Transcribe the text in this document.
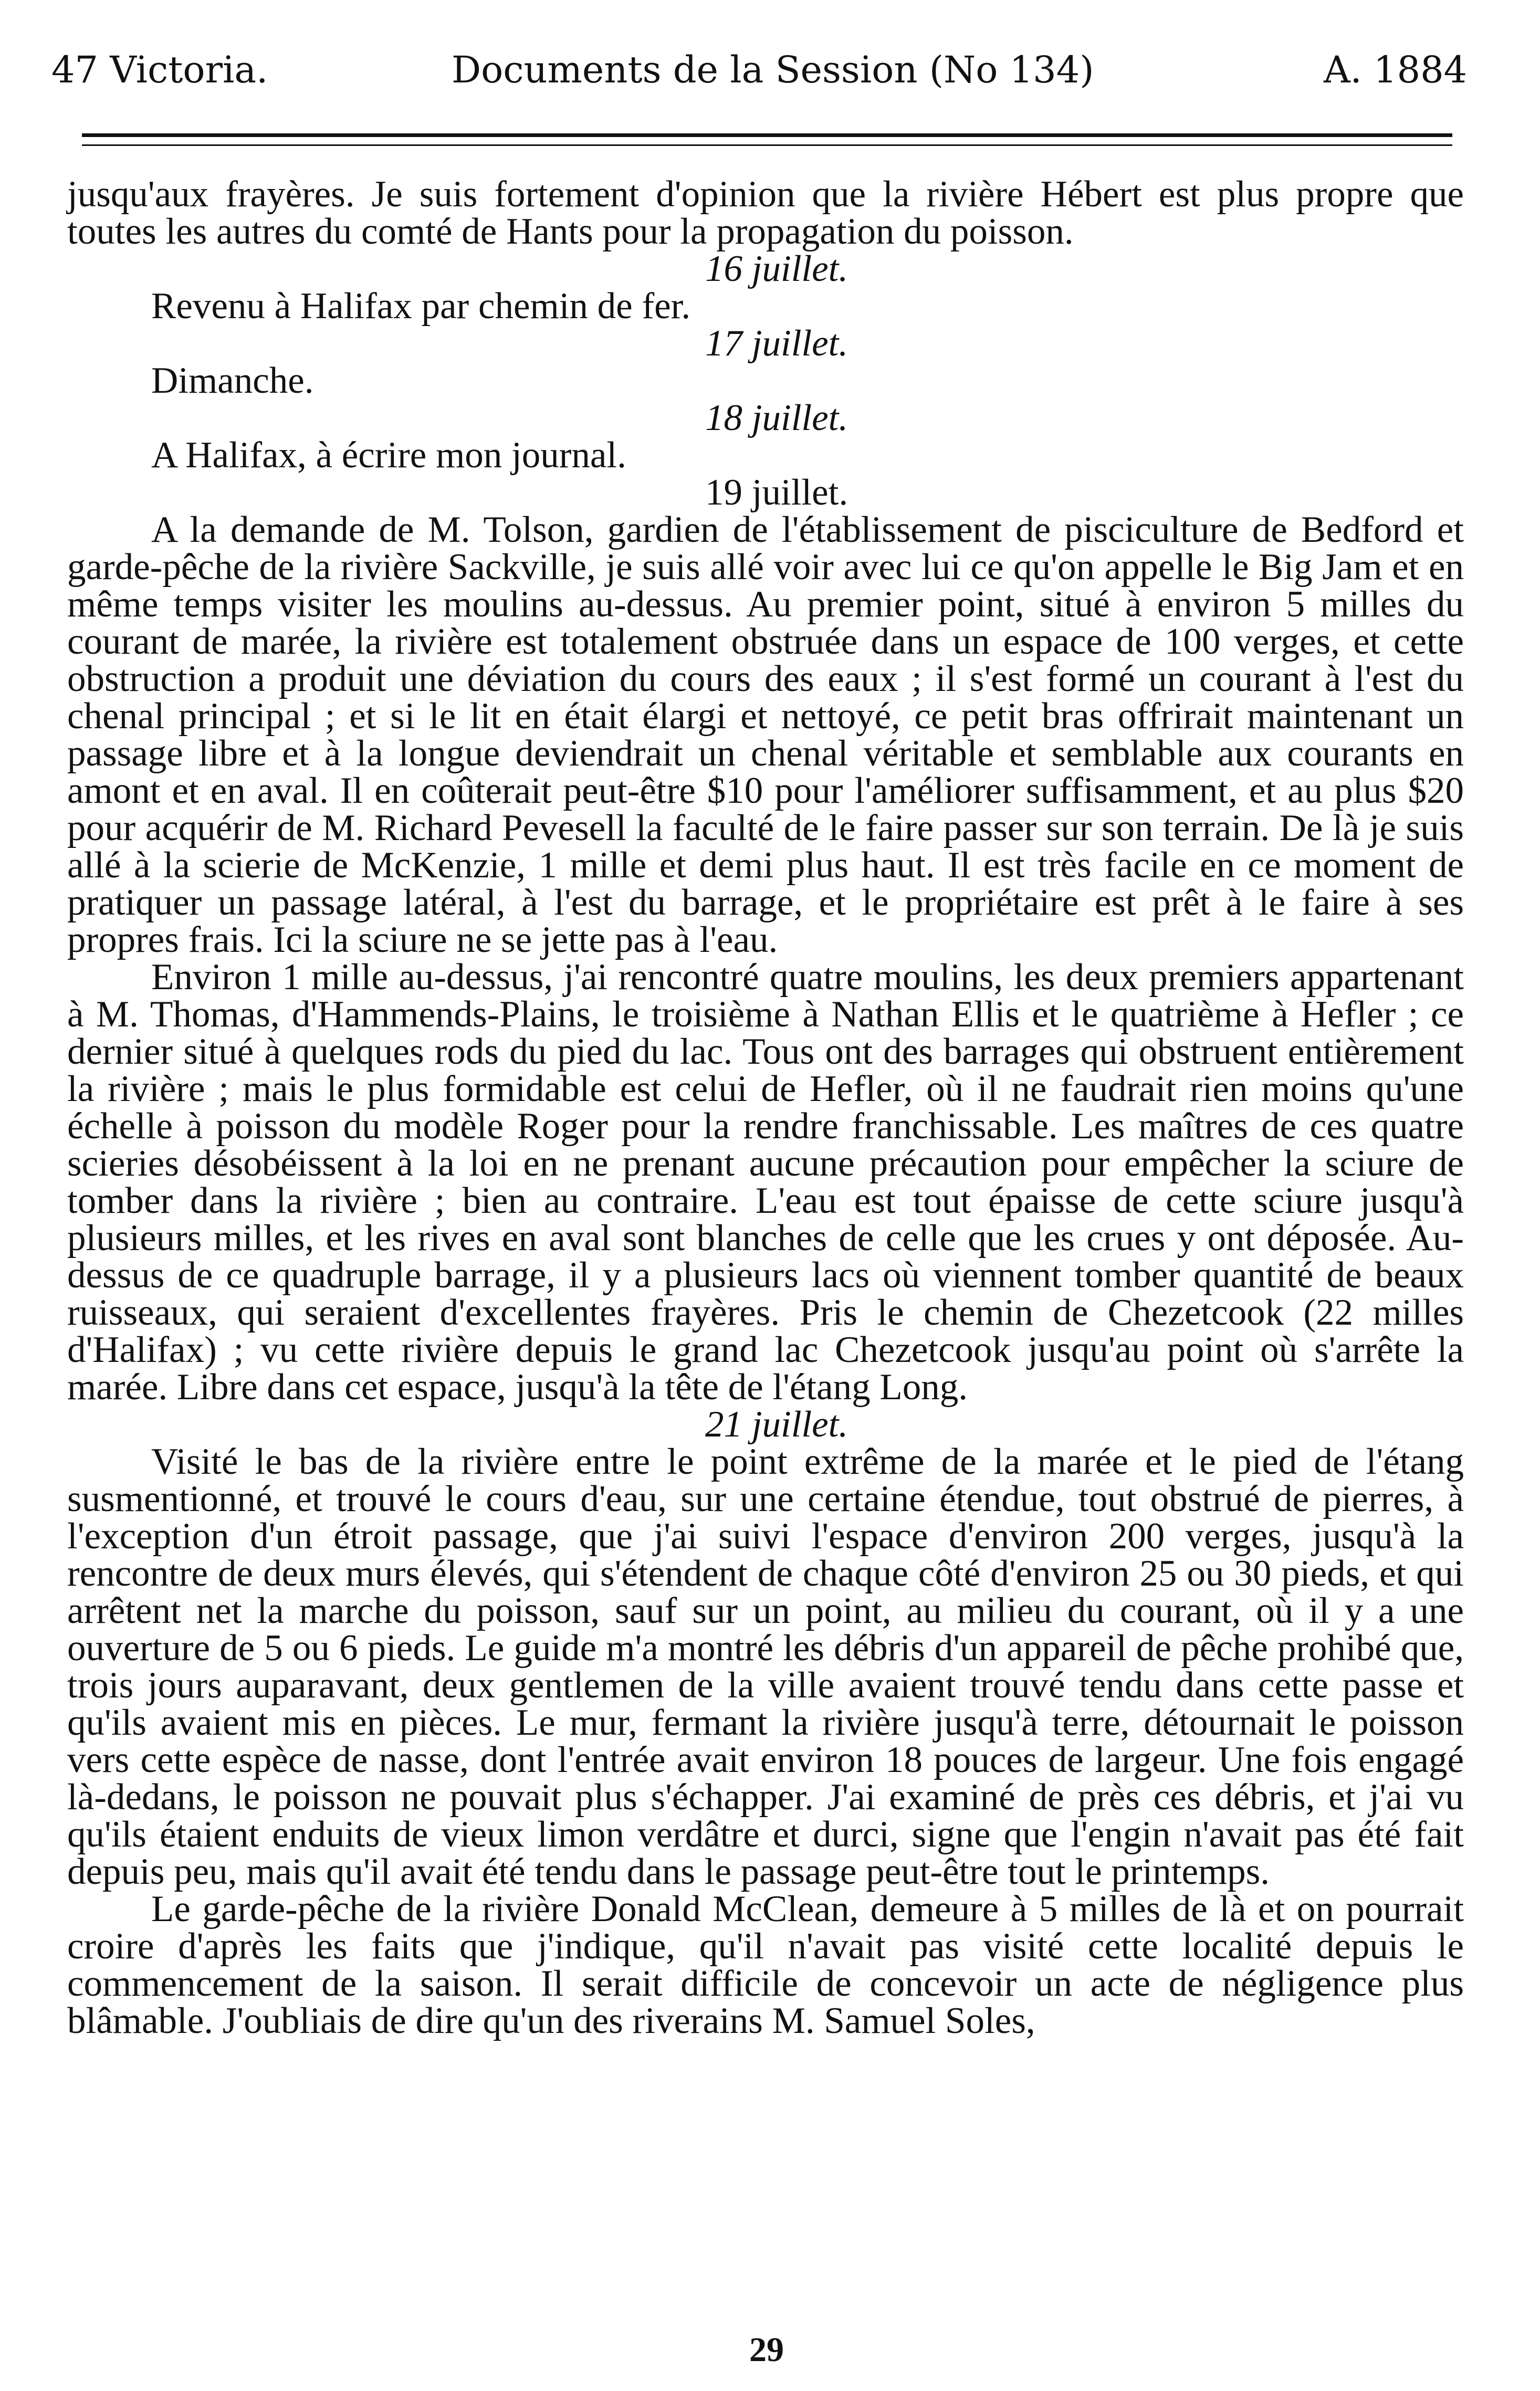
47 Victoria.	Documents de la Session (No 134)	A. 1884

jusqu'aux frayères. Je suis fortement d'opinion que la rivière Hébert est plus propre que toutes les autres du comté de Hants pour la propagation du poisson.

16 juillet.

Revenu à Halifax par chemin de fer.

17 juillet.

Dimanche.

18 juillet.

A Halifax, à écrire mon journal.

19 juillet.

A la demande de M. Tolson, gardien de l'établissement de pisciculture de Bedford et garde-pêche de la rivière Sackville, je suis allé voir avec lui ce qu'on appelle le Big Jam et en même temps visiter les moulins au-dessus. Au premier point, situé à environ 5 milles du courant de marée, la rivière est totalement obstruée dans un espace de 100 verges, et cette obstruction a produit une déviation du cours des eaux ; il s'est formé un courant à l'est du chenal principal ; et si le lit en était élargi et nettoyé, ce petit bras offrirait maintenant un passage libre et à la longue deviendrait un chenal véritable et semblable aux courants en amont et en aval. Il en coûterait peut-être $10 pour l'améliorer suffisamment, et au plus $20 pour acquérir de M. Richard Pevesell la faculté de le faire passer sur son terrain. De là je suis allé à la scierie de McKenzie, 1 mille et demi plus haut. Il est très facile en ce moment de pratiquer un passage latéral, à l'est du barrage, et le propriétaire est prêt à le faire à ses propres frais. Ici la sciure ne se jette pas à l'eau.

Environ 1 mille au-dessus, j'ai rencontré quatre moulins, les deux premiers appartenant à M. Thomas, d'Hammends-Plains, le troisième à Nathan Ellis et le quatrième à Hefler ; ce dernier situé à quelques rods du pied du lac. Tous ont des barrages qui obstruent entièrement la rivière ; mais le plus formidable est celui de Hefler, où il ne faudrait rien moins qu'une échelle à poisson du modèle Roger pour la rendre franchissable. Les maîtres de ces quatre scieries désobéissent à la loi en ne prenant aucune précaution pour empêcher la sciure de tomber dans la rivière ; bien au contraire. L'eau est tout épaisse de cette sciure jusqu'à plusieurs milles, et les rives en aval sont blanches de celle que les crues y ont déposée. Au-dessus de ce quadruple barrage, il y a plusieurs lacs où viennent tomber quantité de beaux ruisseaux, qui seraient d'excellentes frayères. Pris le chemin de Chezetcook (22 milles d'Halifax) ; vu cette rivière depuis le grand lac Chezetcook jusqu'au point où s'arrête la marée. Libre dans cet espace, jusqu'à la tête de l'étang Long.

21 juillet.

Visité le bas de la rivière entre le point extrême de la marée et le pied de l'étang susmentionné, et trouvé le cours d'eau, sur une certaine étendue, tout obstrué de pierres, à l'exception d'un étroit passage, que j'ai suivi l'espace d'environ 200 verges, jusqu'à la rencontre de deux murs élevés, qui s'étendent de chaque côté d'environ 25 ou 30 pieds, et qui arrêtent net la marche du poisson, sauf sur un point, au milieu du courant, où il y a une ouverture de 5 ou 6 pieds. Le guide m'a montré les débris d'un appareil de pêche prohibé que, trois jours auparavant, deux gentlemen de la ville avaient trouvé tendu dans cette passe et qu'ils avaient mis en pièces. Le mur, fermant la rivière jusqu'à terre, détournait le poisson vers cette espèce de nasse, dont l'entrée avait environ 18 pouces de largeur. Une fois engagé là-dedans, le poisson ne pouvait plus s'échapper. J'ai examiné de près ces débris, et j'ai vu qu'ils étaient enduits de vieux limon verdâtre et durci, signe que l'engin n'avait pas été fait depuis peu, mais qu'il avait été tendu dans le passage peut-être tout le printemps.

Le garde-pêche de la rivière Donald McClean, demeure à 5 milles de là et on pourrait croire d'après les faits que j'indique, qu'il n'avait pas visité cette localité depuis le commencement de la saison. Il serait difficile de concevoir un acte de négligence plus blâmable. J'oubliais de dire qu'un des riverains M. Samuel Soles,

29
